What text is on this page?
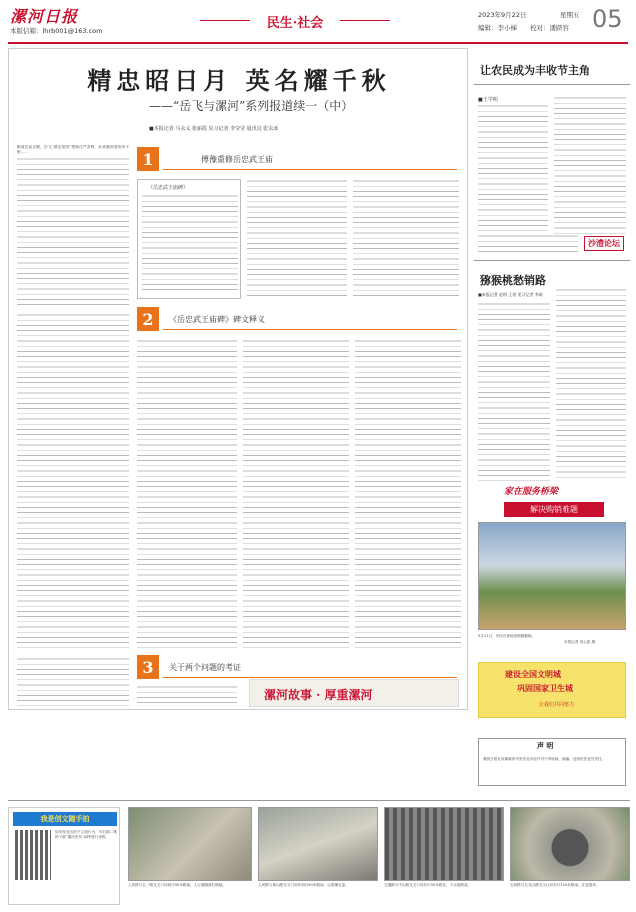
漯河日报
本版信箱：lhrb001@163.com	民生·社会
2023年9月22日	星期五
编辑：李小梯 校对：潘跻容 05
精忠昭日月 英名耀千秋
——“岳飞与漯河”系列报道续一（中）
■本报记者 马永义 张丽霞 见习记者 李莹莹 通讯员 张永冰
郾城岳庙正殿，岳飞“精忠报国”塑像庄严肃穆，前来瞻仰者络绎不绝……	1	傅豫重修岳忠武王庙
《岳忠武王庙碑》
2	《岳忠武王庙碑》碑文释义
3	关于两个问题的考证
漯河故事 · 厚重漯河
让农民成为丰收节主角
■王学明
沙澧论坛
猕猴桃愁销路
■本报记者 赵明 王培 见习记者 李硕
家在服务桥梁
解决购销难题
9月21日，市民在现场选购猕猴桃。
本报记者 刘云凯 摄
建设全国文明城
巩固国家卫生城
让我们共同努力
声 明
漯河日报社所属媒体刊发作品未经许可不得转载、摘编，违者依法追究责任。
我是创文随手拍
如发现身边的不文明行为，可扫描二维码下载“漯河发布”APP进行举报。
人民路与五一路交叉口向西行80米路南，人行道隔离栏倒地。	人民路与黄山路交叉口向东西行80米路南，垃圾桶无盖。	交通路与中山路交叉口向东行50米路北，下水道缺盖。	五四路与五龙山路交叉口向东行120米路南，井盖损坏。
